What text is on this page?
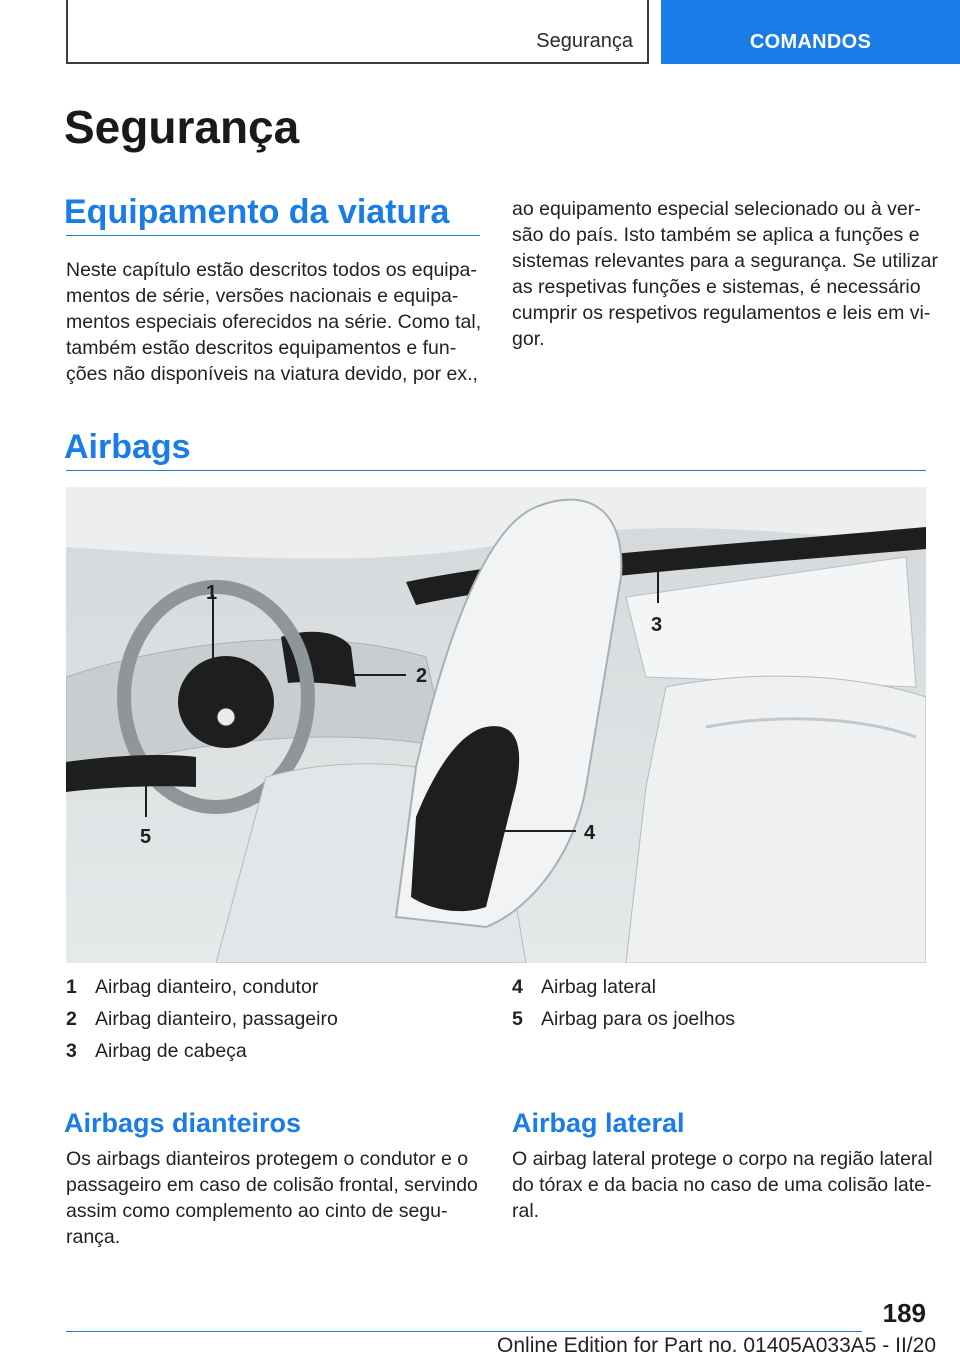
Segurança	COMANDOS
Segurança
Equipamento da viatura

Neste capítulo estão descritos todos os equipa-
mentos de série, versões nacionais e equipa-
mentos especiais oferecidos na série. Como tal,
também estão descritos equipamentos e fun-
ções não disponíveis na viatura devido, por ex.,

ao equipamento especial selecionado ou à ver-
são do país. Isto também se aplica a funções e
sistemas relevantes para a segurança. Se utilizar
as respetivas funções e sistemas, é necessário
cumprir os respetivos regulamentos e leis em vi-
gor.

Airbags
1
2
3
4
5
1 Airbag dianteiro, condutor
2 Airbag dianteiro, passageiro
3 Airbag de cabeça
4 Airbag lateral
5 Airbag para os joelhos
Airbags dianteiros

Os airbags dianteiros protegem o condutor e o
passageiro em caso de colisão frontal, servindo
assim como complemento ao cinto de segu-
rança.

Airbag lateral

O airbag lateral protege o corpo na região lateral
do tórax e da bacia no caso de uma colisão late-
ral.

189
Online Edition for Part no. 01405A033A5 - II/20
